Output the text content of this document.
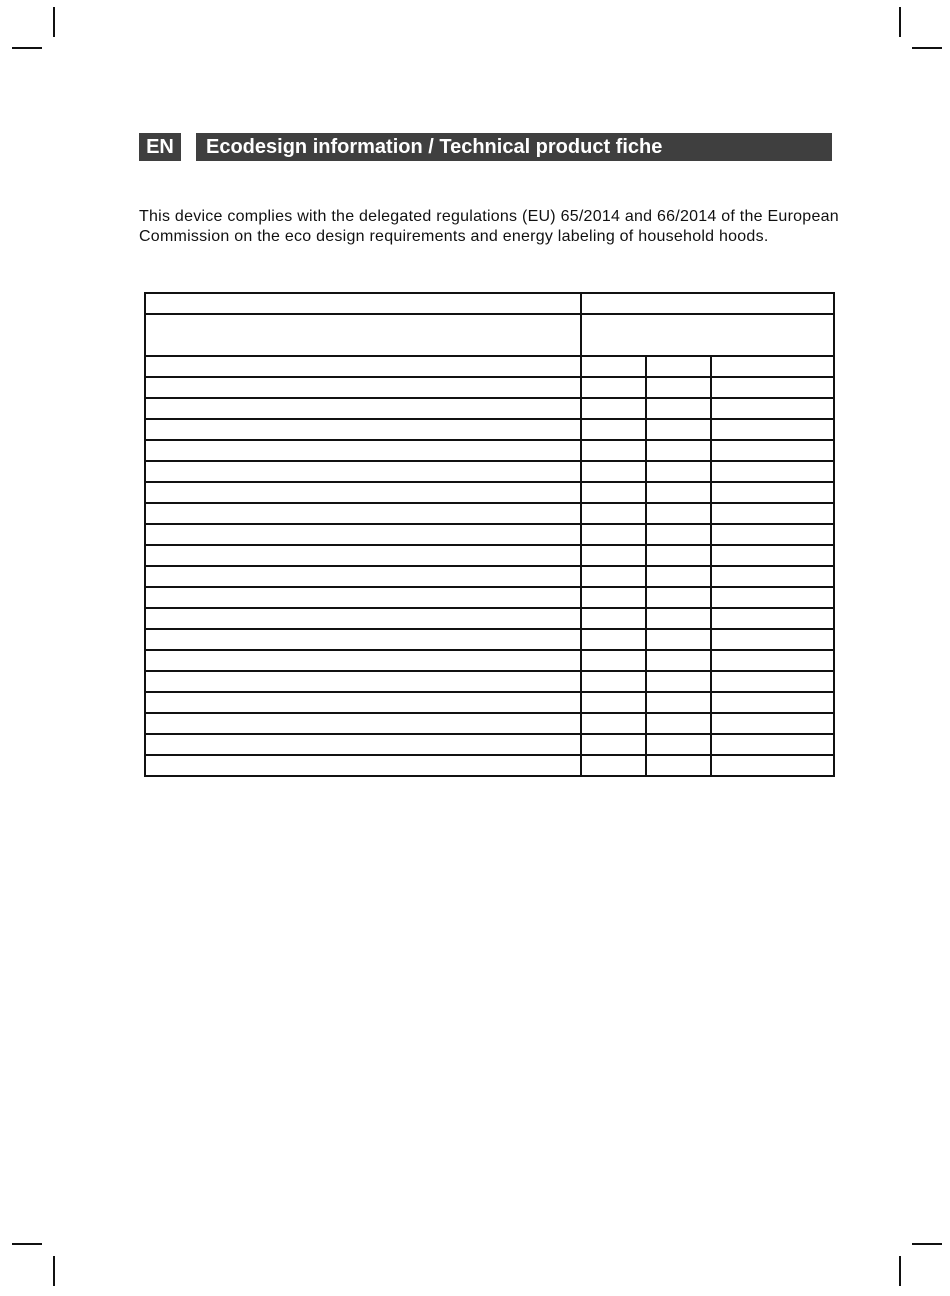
EN	Ecodesign information / Technical product fiche
This device complies with the delegated regulations (EU) 65/2014 and 66/2014 of the European Commission on the eco design requirements and energy labeling of household hoods.
